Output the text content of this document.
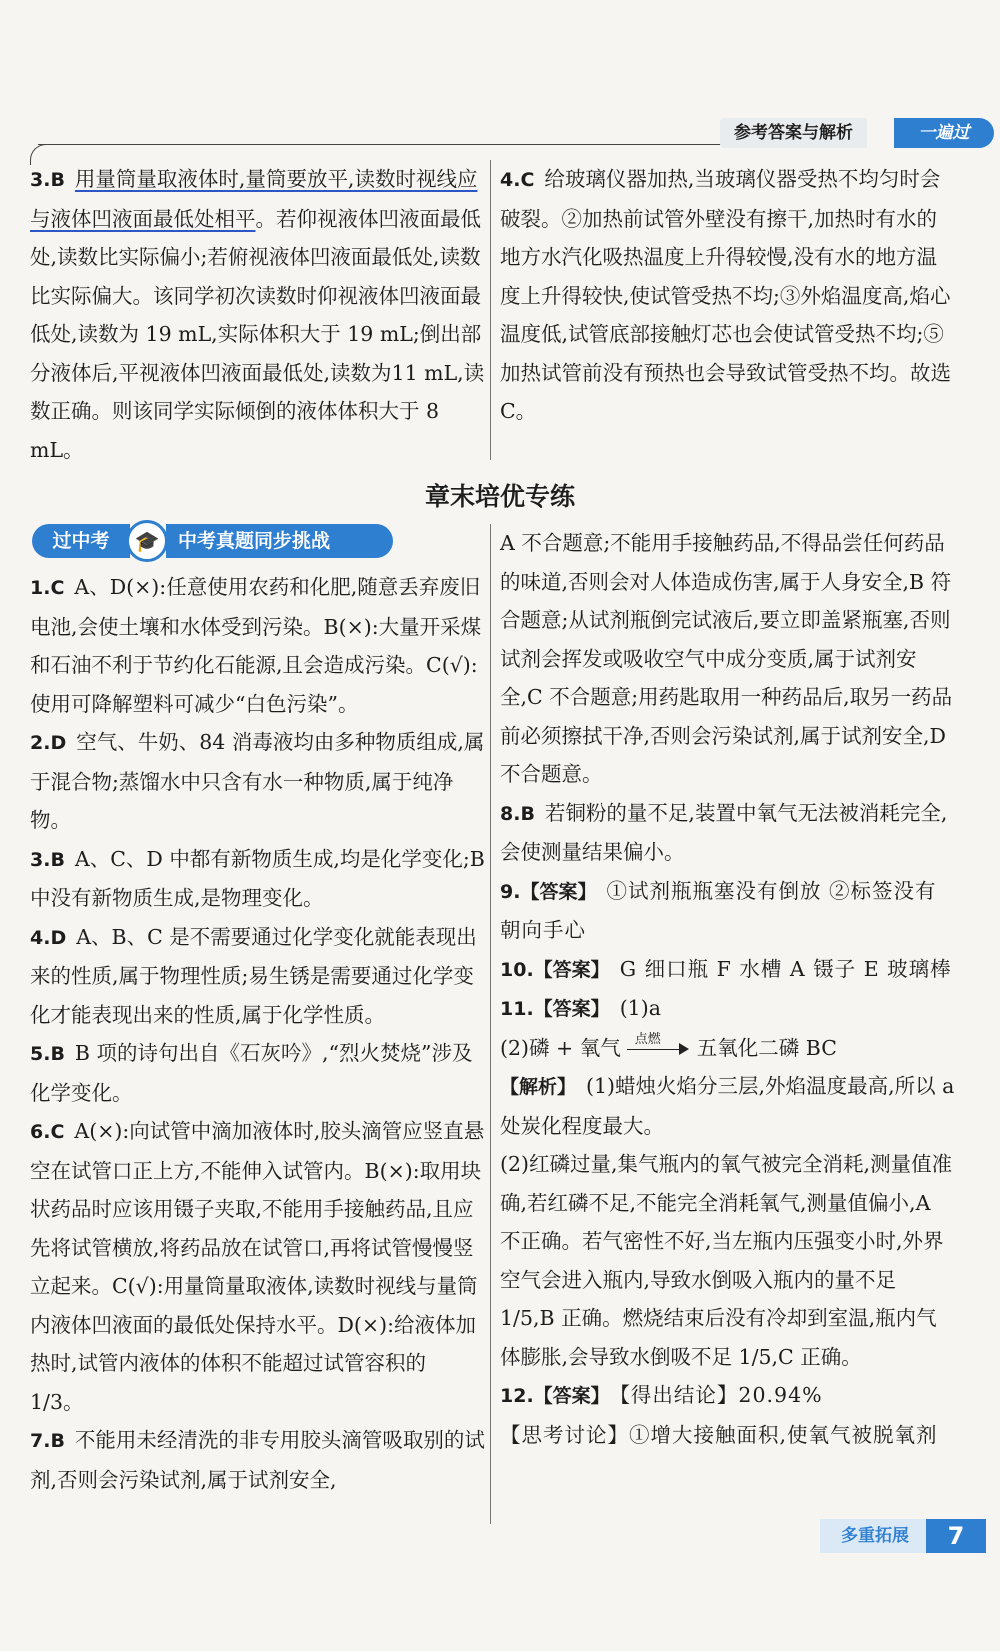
参考答案与解析	一遍过

3.B 用量筒量取液体时,量筒要放平,读数时视线应与液体凹液面最低处相平。若仰视液体凹液面最低处,读数比实际偏小;若俯视液体凹液面最低处,读数比实际偏大。该同学初次读数时仰视液体凹液面最低处,读数为 19 mL,实际体积大于 19 mL;倒出部分液体后,平视液体凹液面最低处,读数为11 mL,读数正确。则该同学实际倾倒的液体体积大于 8 mL。

4.C 给玻璃仪器加热,当玻璃仪器受热不均匀时会破裂。②加热前试管外壁没有擦干,加热时有水的地方水汽化吸热温度上升得较慢,没有水的地方温度上升得较快,使试管受热不均;③外焰温度高,焰心温度低,试管底部接触灯芯也会使试管受热不均;⑤加热试管前没有预热也会导致试管受热不均。故选 C。

章末培优专练
过中考	中考真题同步挑战
🎓

1.C A、D(×):任意使用农药和化肥,随意丢弃废旧电池,会使土壤和水体受到污染。B(×):大量开采煤和石油不利于节约化石能源,且会造成污染。C(√):使用可降解塑料可减少“白色污染”。

2.D 空气、牛奶、84 消毒液均由多种物质组成,属于混合物;蒸馏水中只含有水一种物质,属于纯净物。

3.B A、C、D 中都有新物质生成,均是化学变化;B 中没有新物质生成,是物理变化。

4.D A、B、C 是不需要通过化学变化就能表现出来的性质,属于物理性质;易生锈是需要通过化学变化才能表现出来的性质,属于化学性质。

5.B B 项的诗句出自《石灰吟》,“烈火焚烧”涉及化学变化。

6.C A(×):向试管中滴加液体时,胶头滴管应竖直悬空在试管口正上方,不能伸入试管内。B(×):取用块状药品时应该用镊子夹取,不能用手接触药品,且应先将试管横放,将药品放在试管口,再将试管慢慢竖立起来。C(√):用量筒量取液体,读数时视线与量筒内液体凹液面的最低处保持水平。D(×):给液体加热时,试管内液体的体积不能超过试管容积的 1/3。

7.B 不能用未经清洗的非专用胶头滴管吸取别的试剂,否则会污染试剂,属于试剂安全,

A 不合题意;不能用手接触药品,不得品尝任何药品的味道,否则会对人体造成伤害,属于人身安全,B 符合题意;从试剂瓶倒完试液后,要立即盖紧瓶塞,否则试剂会挥发或吸收空气中成分变质,属于试剂安全,C 不合题意;用药匙取用一种药品后,取另一药品前必须擦拭干净,否则会污染试剂,属于试剂安全,D 不合题意。

8.B 若铜粉的量不足,装置中氧气无法被消耗完全,会使测量结果偏小。

9.【答案】 ①试剂瓶瓶塞没有倒放 ②标签没有朝向手心

10.【答案】 G 细口瓶 F 水槽 A 镊子 E 玻璃棒

11.【答案】 (1)a

(2)磷 + 氧气 点燃 五氧化二磷 BC

【解析】 (1)蜡烛火焰分三层,外焰温度最高,所以 a 处炭化程度最大。

(2)红磷过量,集气瓶内的氧气被完全消耗,测量值准确,若红磷不足,不能完全消耗氧气,测量值偏小,A 不正确。若气密性不好,当左瓶内压强变小时,外界空气会进入瓶内,导致水倒吸入瓶内的量不足 1/5,B 正确。燃烧结束后没有冷却到室温,瓶内气体膨胀,会导致水倒吸不足 1/5,C 正确。

12.【答案】 【得出结论】20.94%

【思考讨论】①增大接触面积,使氧气被脱氧剂

多重拓展	7
